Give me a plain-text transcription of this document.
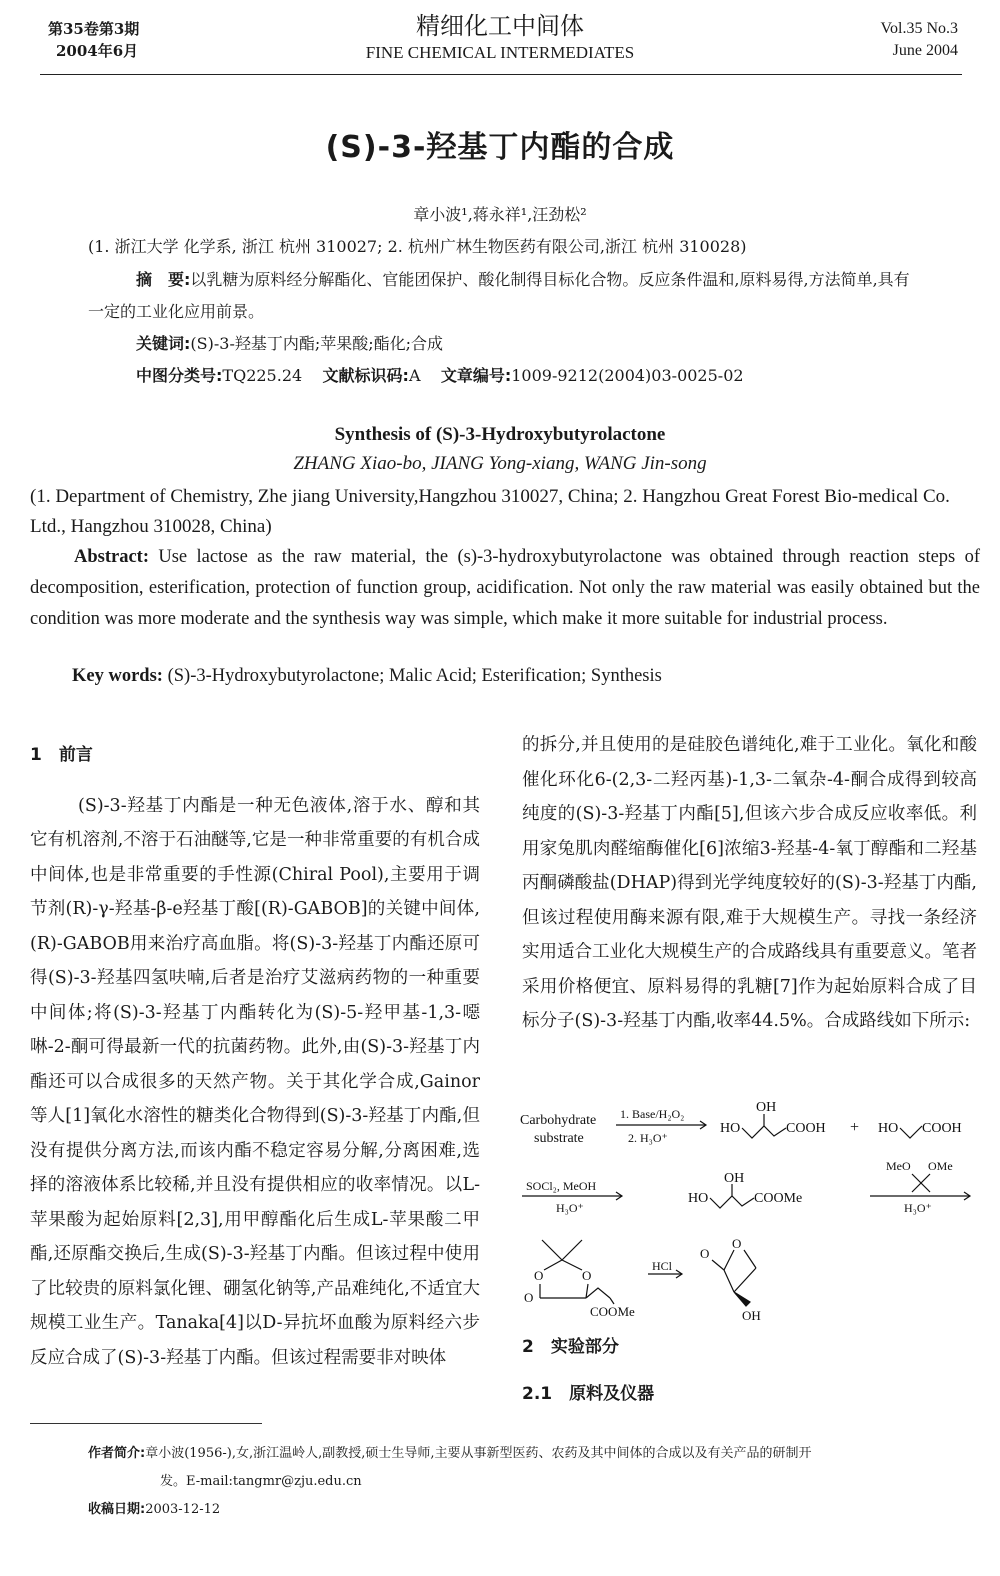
第35卷第3期
2004年6月
精细化工中间体
FINE CHEMICAL INTERMEDIATES
Vol.35 No.3
June 2004
(S)-3-羟基丁内酯的合成
章小波¹,蒋永祥¹,汪劲松²
(1. 浙江大学 化学系, 浙江 杭州 310027; 2. 杭州广林生物医药有限公司,浙江 杭州 310028)

摘　要:以乳糖为原料经分解酯化、官能团保护、酸化制得目标化合物。反应条件温和,原料易得,方法简单,具有一定的工业化应用前景。

关键词:(S)-3-羟基丁内酯;苹果酸;酯化;合成

中图分类号:TQ225.24 文献标识码:A 文章编号:1009-9212(2004)03-0025-02

Synthesis of (S)-3-Hydroxybutyrolactone
ZHANG Xiao-bo, JIANG Yong-xiang, WANG Jin-song
(1. Department of Chemistry, Zhe jiang University,Hangzhou 310027, China; 2. Hangzhou Great Forest Bio-medical Co. Ltd., Hangzhou 310028, China)

Abstract: Use lactose as the raw material, the (s)-3-hydroxybutyrolactone was obtained through reaction steps of decomposition, esterification, protection of function group, acidification. Not only the raw material was easily obtained but the condition was more moderate and the synthesis way was simple, which make it more suitable for industrial process.

Key words: (S)-3-Hydroxybutyrolactone; Malic Acid; Esterification; Synthesis

1　前言

(S)-3-羟基丁内酯是一种无色液体,溶于水、醇和其它有机溶剂,不溶于石油醚等,它是一种非常重要的有机合成中间体,也是非常重要的手性源(Chiral Pool),主要用于调节剂(R)-γ-羟基-β-e羟基丁酸[(R)-GABOB]的关键中间体,(R)-GABOB用来治疗高血脂。将(S)-3-羟基丁内酯还原可得(S)-3-羟基四氢呋喃,后者是治疗艾滋病药物的一种重要中间体;将(S)-3-羟基丁内酯转化为(S)-5-羟甲基-1,3-噁啉-2-酮可得最新一代的抗菌药物。此外,由(S)-3-羟基丁内酯还可以合成很多的天然产物。关于其化学合成,Gainor等人[1]氧化水溶性的糖类化合物得到(S)-3-羟基丁内酯,但没有提供分离方法,而该内酯不稳定容易分解,分离困难,选择的溶液体系比较稀,并且没有提供相应的收率情况。以L-苹果酸为起始原料[2,3],用甲醇酯化后生成L-苹果酸二甲酯,还原酯交换后,生成(S)-3-羟基丁内酯。但该过程中使用了比较贵的原料氯化锂、硼氢化钠等,产品难纯化,不适宜大规模工业生产。Tanaka[4]以D-异抗坏血酸为原料经六步反应合成了(S)-3-羟基丁内酯。但该过程需要非对映体

的拆分,并且使用的是硅胶色谱纯化,难于工业化。氧化和酸催化环化6-(2,3-二羟丙基)-1,3-二氧杂-4-酮合成得到较高纯度的(S)-3-羟基丁内酯[5],但该六步合成反应收率低。利用家兔肌肉醛缩酶催化[6]浓缩3-羟基-4-氧丁醇酯和二羟基丙酮磷酸盐(DHAP)得到光学纯度较好的(S)-3-羟基丁内酯,但该过程使用酶来源有限,难于大规模生产。寻找一条经济实用适合工业化大规模生产的合成路线具有重要意义。笔者采用价格便宜、原料易得的乳糖[7]作为起始原料合成了目标分子(S)-3-羟基丁内酯,收率44.5%。合成路线如下所示:

Carbohydrate
substrate
1. Base/H₂O₂
2. H₃O⁺
HO
OH
COOH + HO COOH
SOCl₂, MeOH
H₃O⁺
HO
OH
COOMe
MeO OMe
H₃O⁺
O	O
O
COOMe
HCl
O
O
OH

2　实验部分

2.1　原料及仪器

作者简介:章小波(1956-),女,浙江温岭人,副教授,硕士生导师,主要从事新型医药、农药及其中间体的合成以及有关产品的研制开
发。E-mail:tangmr@zju.edu.cn
收稿日期:2003-12-12
